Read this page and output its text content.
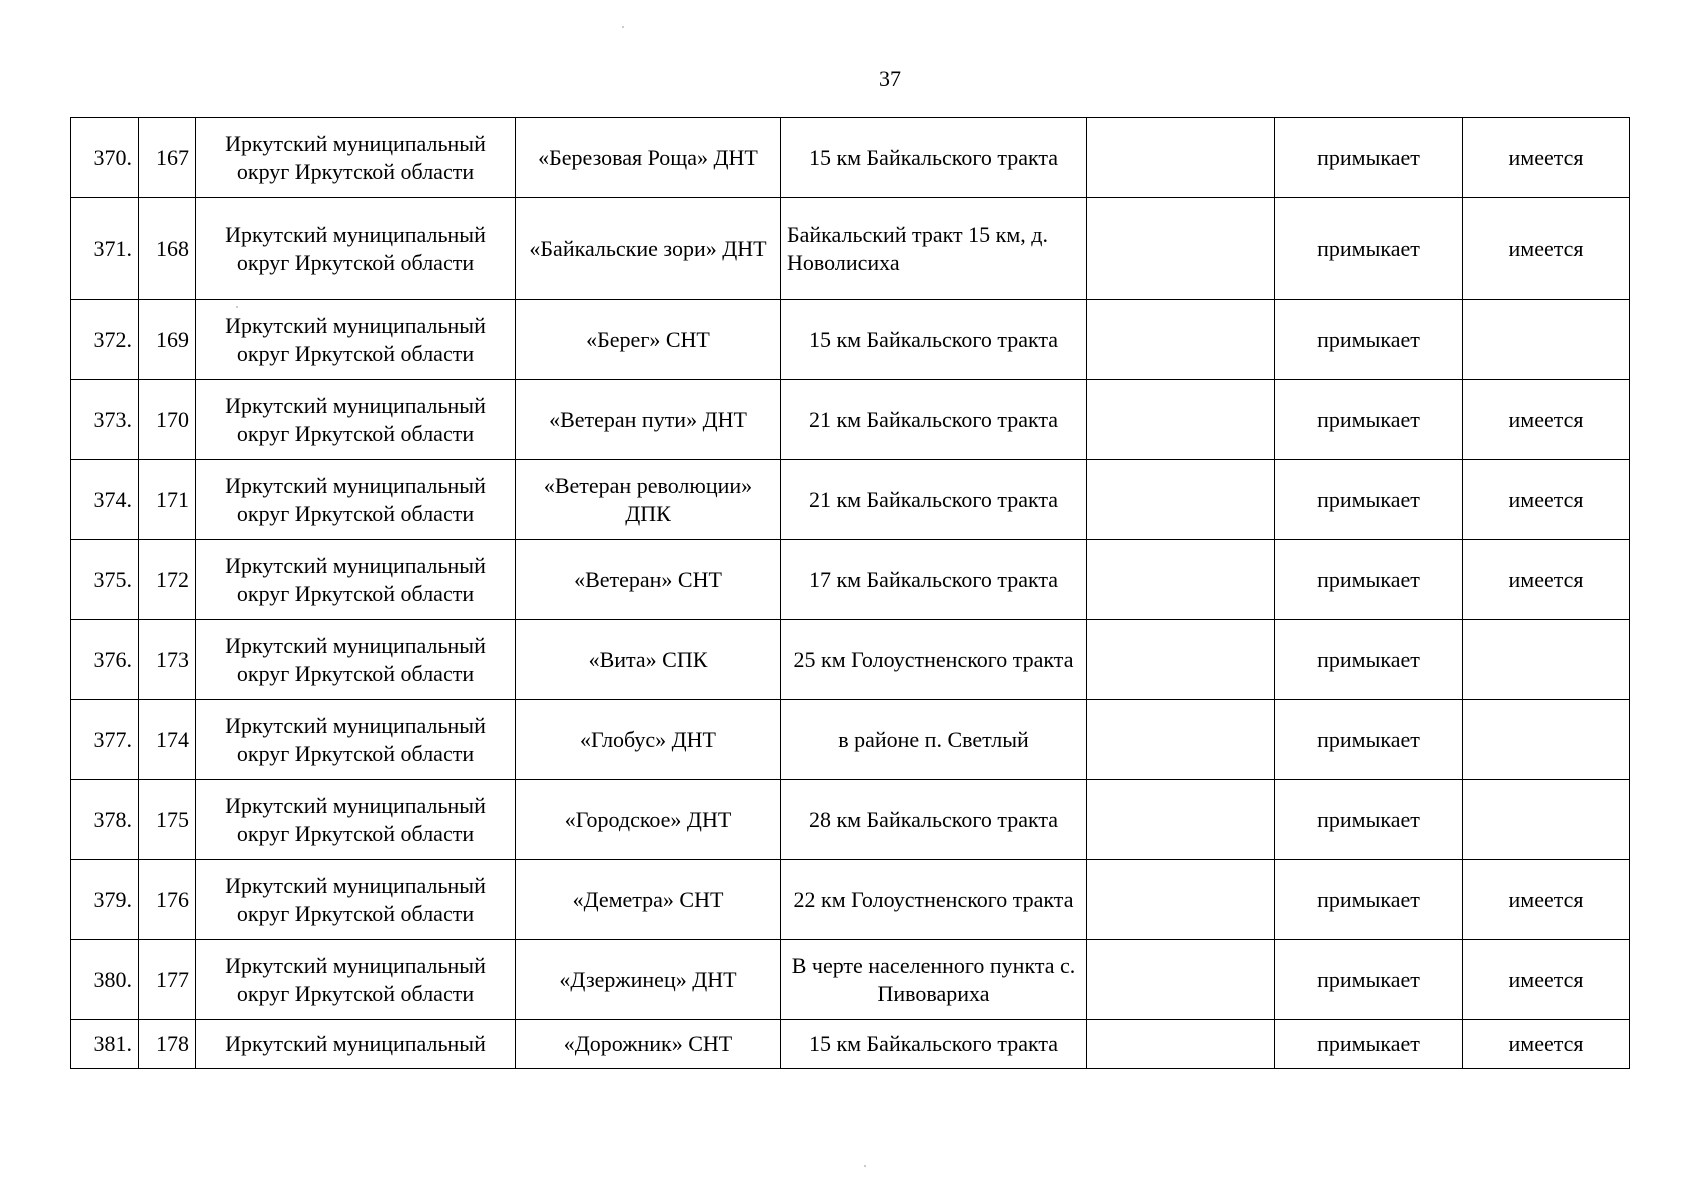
37
370.	167	Иркутский муниципальный округ Иркутской области	«Березовая Роща» ДНТ	15 км Байкальского тракта		примыкает	имеется
371.	168	Иркутский муниципальный округ Иркутской области	«Байкальские зори» ДНТ	Байкальский тракт 15 км, д. Новолисиха		примыкает	имеется
372.	169	Иркутский муниципальный округ Иркутской области	«Берег» СНТ	15 км Байкальского тракта		примыкает	
373.	170	Иркутский муниципальный округ Иркутской области	«Ветеран пути» ДНТ	21 км Байкальского тракта		примыкает	имеется
374.	171	Иркутский муниципальный округ Иркутской области	«Ветеран революции» ДПК	21 км Байкальского тракта		примыкает	имеется
375.	172	Иркутский муниципальный округ Иркутской области	«Ветеран» СНТ	17 км Байкальского тракта		примыкает	имеется
376.	173	Иркутский муниципальный округ Иркутской области	«Вита» СПК	25 км Голоустненского тракта		примыкает	
377.	174	Иркутский муниципальный округ Иркутской области	«Глобус» ДНТ	в районе п. Светлый		примыкает	
378.	175	Иркутский муниципальный округ Иркутской области	«Городское» ДНТ	28 км Байкальского тракта		примыкает	
379.	176	Иркутский муниципальный округ Иркутской области	«Деметра» СНТ	22 км Голоустненского тракта		примыкает	имеется
380.	177	Иркутский муниципальный округ Иркутской области	«Дзержинец» ДНТ	В черте населенного пункта с. Пивовариха		примыкает	имеется
381.	178	Иркутский муниципальный	«Дорожник» СНТ	15 км Байкальского тракта		примыкает	имеется
